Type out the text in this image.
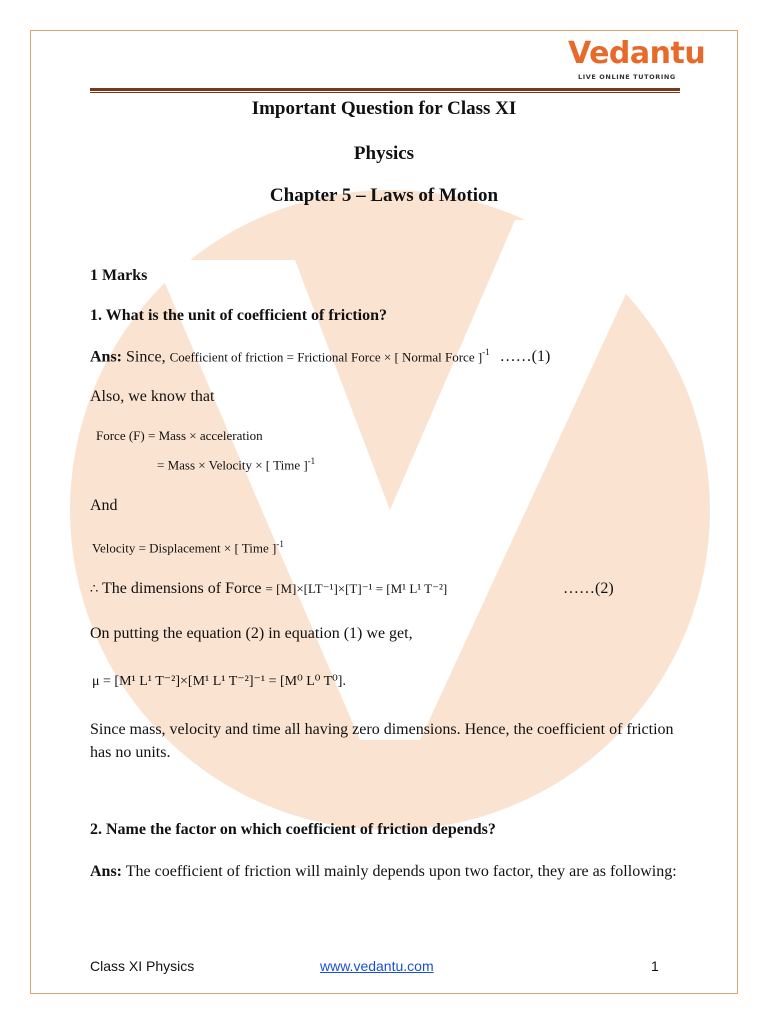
Vedantu
LIVE ONLINE TUTORING
Important Question for Class XI
Physics
Chapter 5 – Laws of Motion
1 Marks
1. What is the unit of coefficient of friction?
Ans: Since, Coefficient of friction = Frictional Force × [ Normal Force ]$^{-1}$ ……(1)
Also, we know that
Force (F) = Mass × acceleration
= Mass × Velocity × [ Time ]$^{-1}$
And
Velocity = Displacement × [ Time ]$^{-1}$
∴ The dimensions of Force = [M]×[LT⁻¹]×[T]⁻¹ = [M¹ L¹ T⁻²]	……(2)
On putting the equation (2) in equation (1) we get,
μ = [M¹ L¹ T⁻²]×[M¹ L¹ T⁻²]⁻¹ = [M⁰ L⁰ T⁰].
Since mass, velocity and time all having zero dimensions. Hence, the coefficient of friction has no units.
2. Name the factor on which coefficient of friction depends?
Ans: The coefficient of friction will mainly depends upon two factor, they are as following:
Class XI Physics	www.vedantu.com	1
